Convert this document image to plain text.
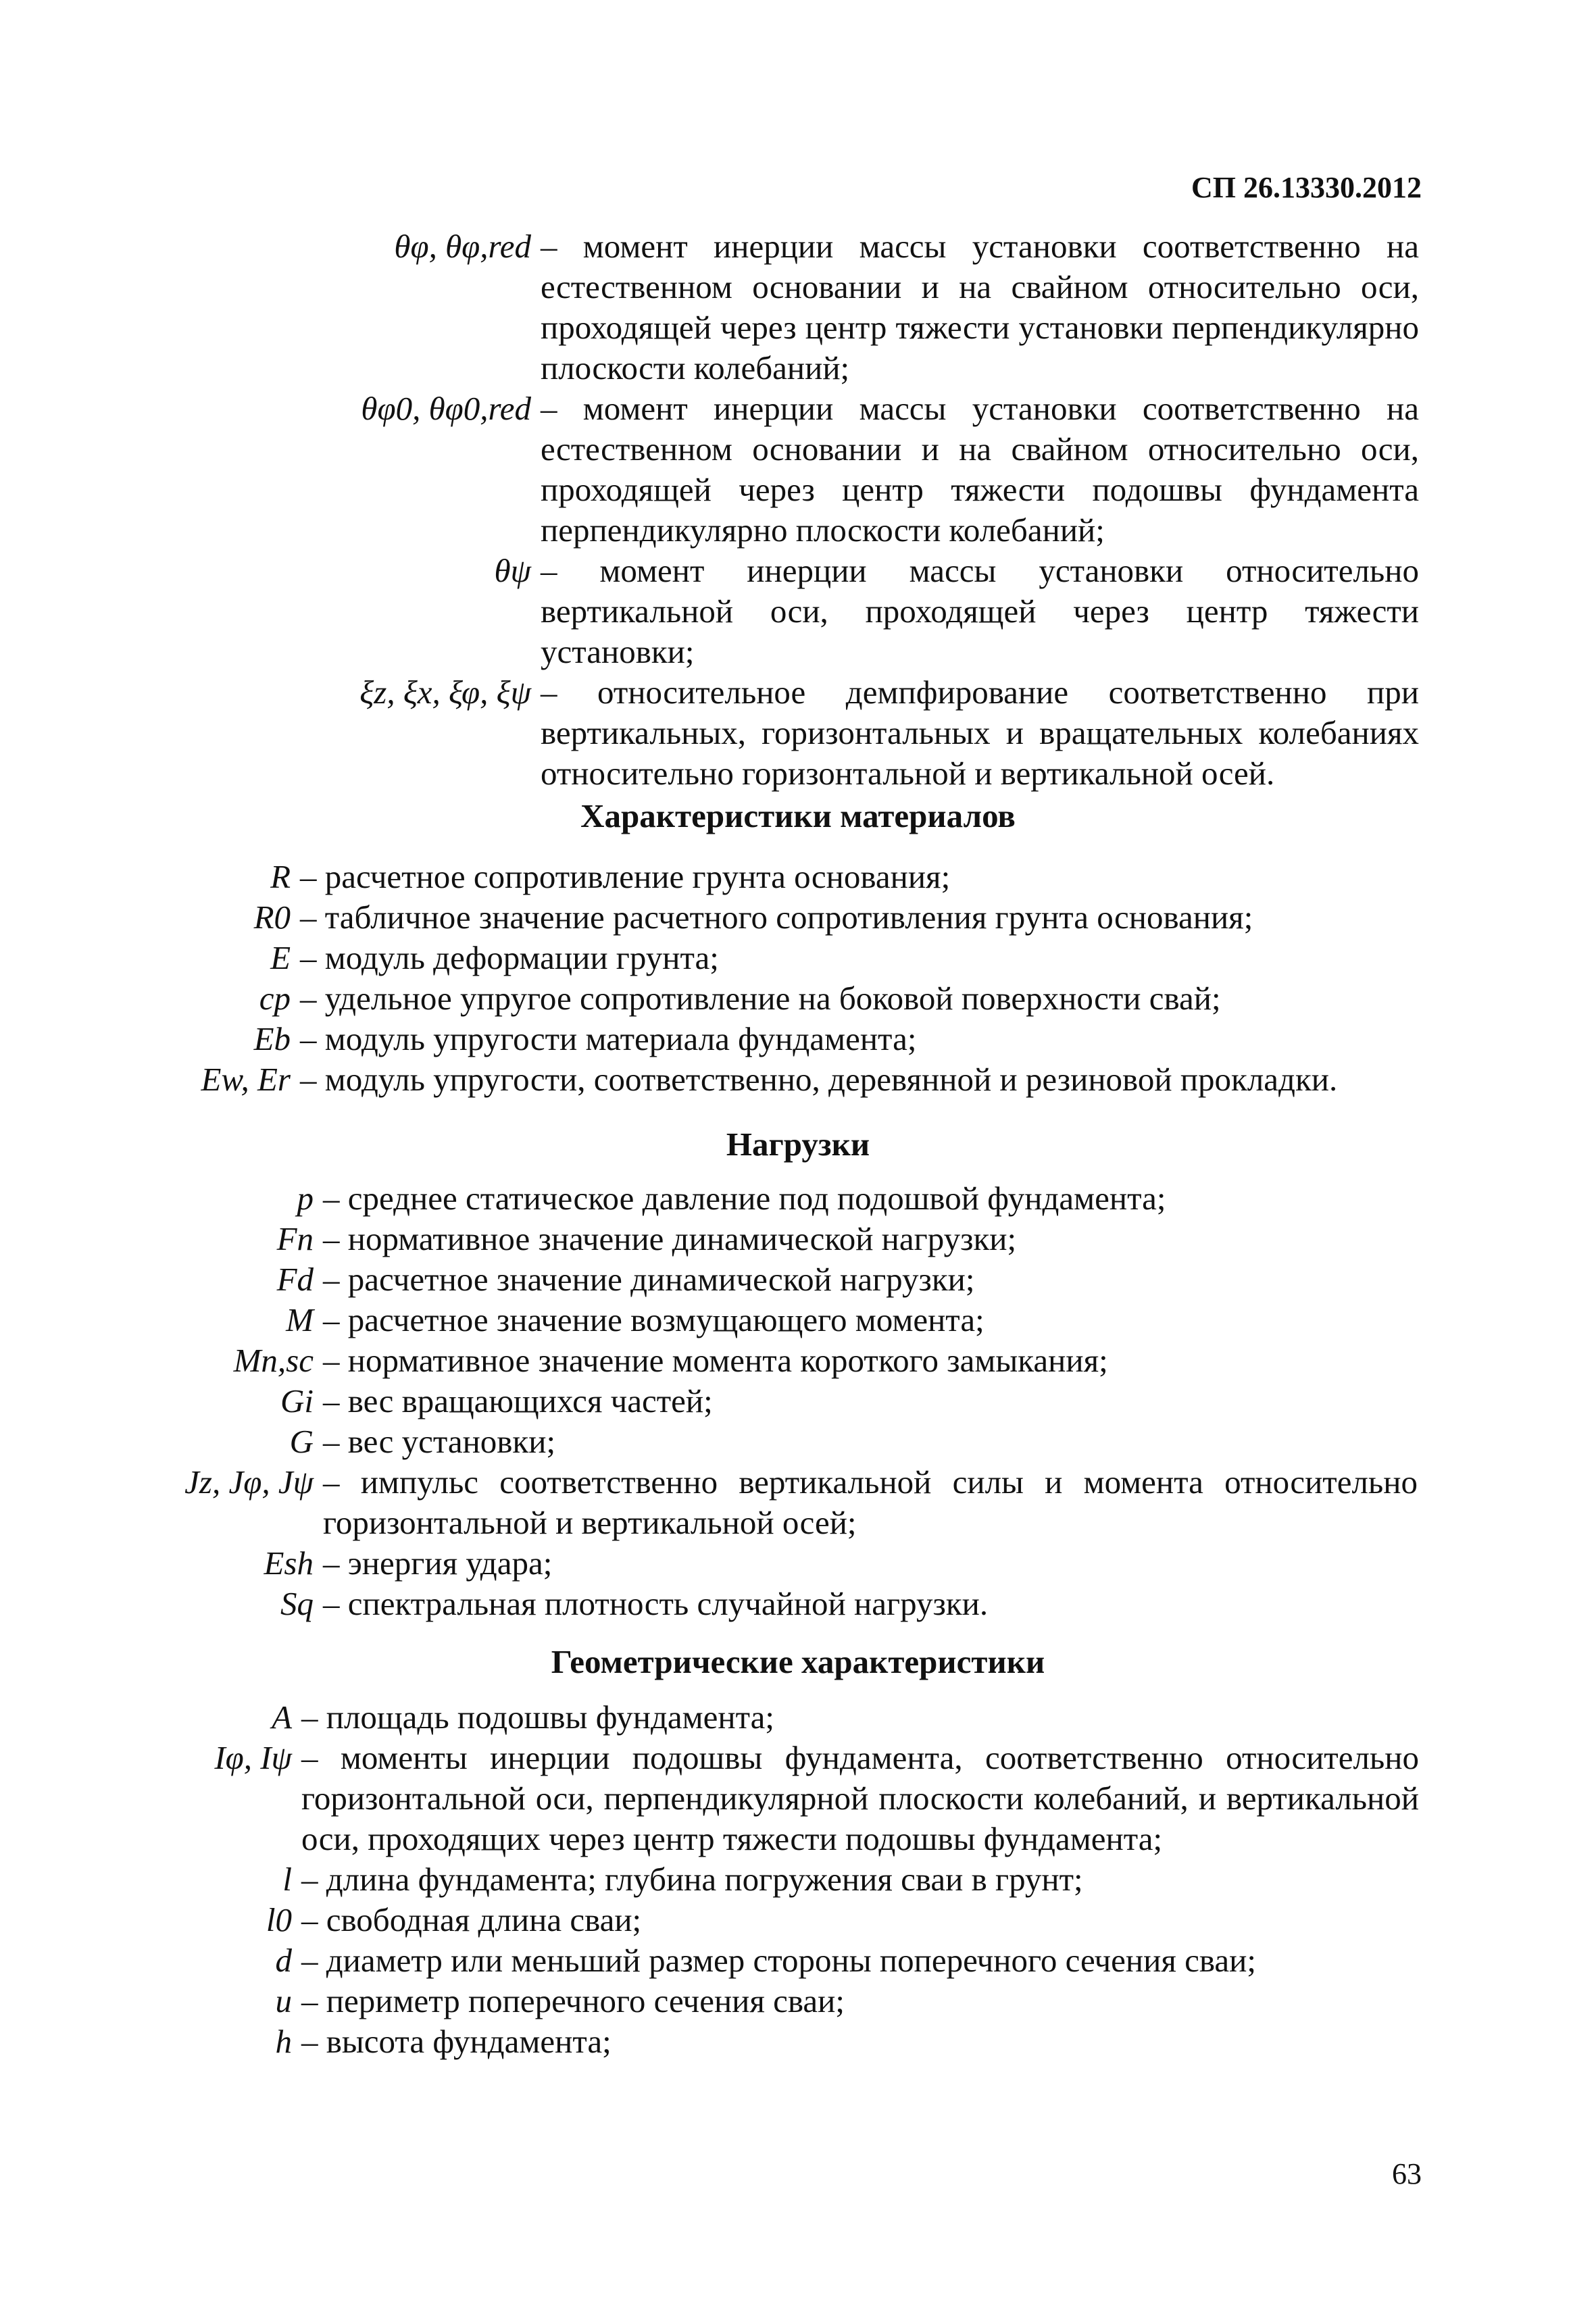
СП 26.13330.2012
θφ, θφ,red – момент инерции массы установки соответственно на естественном основании и на свайном относительно оси, проходящей через центр тяжести установки перпендикулярно плоскости колебаний;
θφ0, θφ0,red – момент инерции массы установки соответственно на естественном основании и на свайном относительно оси, проходящей через центр тяжести подошвы фундамента перпендикулярно плоскости колебаний;
θψ – момент инерции массы установки относительно вертикальной оси, проходящей через центр тяжести установки;
ξz, ξx, ξφ, ξψ – относительное демпфирование соответственно при вертикальных, горизонтальных и вращательных колебаниях относительно горизонтальной и вертикальной осей.
Характеристики материалов
R – расчетное сопротивление грунта основания;
R0 – табличное значение расчетного сопротивления грунта основания;
E – модуль деформации грунта;
cp – удельное упругое сопротивление на боковой поверхности свай;
Eb – модуль упругости материала фундамента;
Ew, Er – модуль упругости, соответственно, деревянной и резиновой прокладки.
Нагрузки
p – среднее статическое давление под подошвой фундамента;
Fn – нормативное значение динамической нагрузки;
Fd – расчетное значение динамической нагрузки;
M – расчетное значение возмущающего момента;
Mn,sc – нормативное значение момента короткого замыкания;
Gi – вес вращающихся частей;
G – вес установки;
Jz, Jφ, Jψ – импульс соответственно вертикальной силы и момента относительно горизонтальной и вертикальной осей;
Esh – энергия удара;
Sq – спектральная плотность случайной нагрузки.
Геометрические характеристики
A – площадь подошвы фундамента;
Iφ, Iψ – моменты инерции подошвы фундамента, соответственно относительно горизонтальной оси, перпендикулярной плоскости колебаний, и вертикальной оси, проходящих через центр тяжести подошвы фундамента;
l – длина фундамента; глубина погружения сваи в грунт;
l0 – свободная длина сваи;
d – диаметр или меньший размер стороны поперечного сечения сваи;
u – периметр поперечного сечения сваи;
h – высота фундамента;
63
